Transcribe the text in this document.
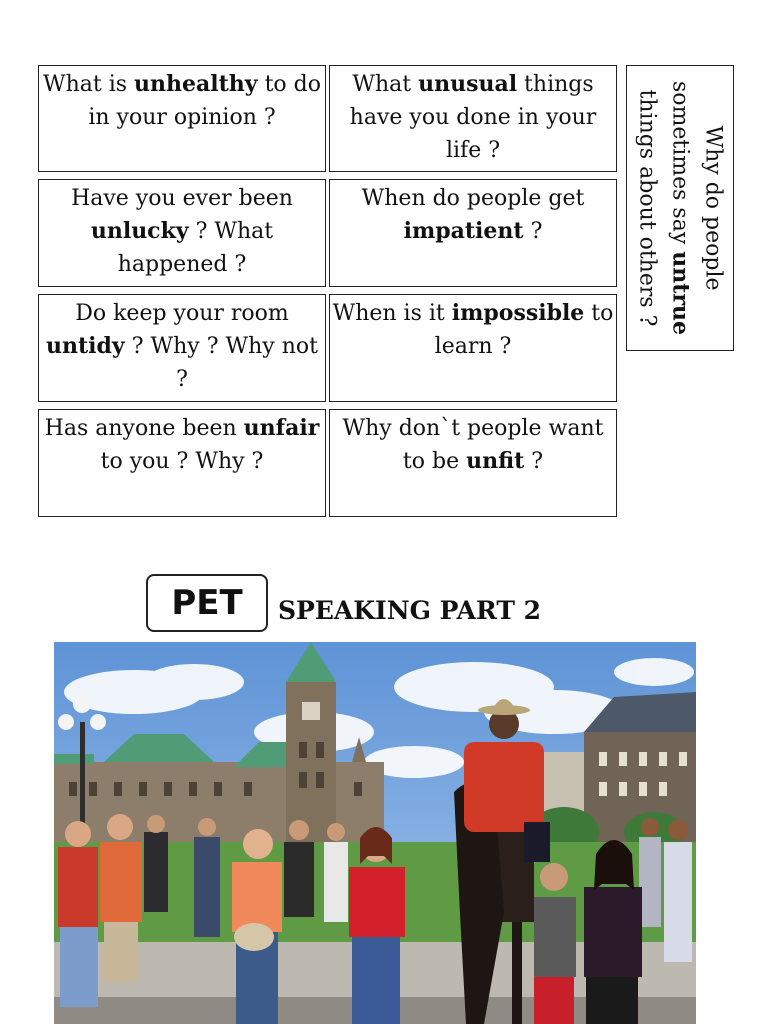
What is unhealthy to do in your opinion ?
What unusual things have you done in your life ?
Have you ever been unlucky ? What happened ?
When do people get impatient ?
Do keep your room untidy ? Why ? Why not ?
When is it impossible to learn ?
Has anyone been unfair to you ? Why ?
Why don`t people want to be unfit ?
Why do people sometimes say untrue things about others ?
PET	SPEAKING PART 2
